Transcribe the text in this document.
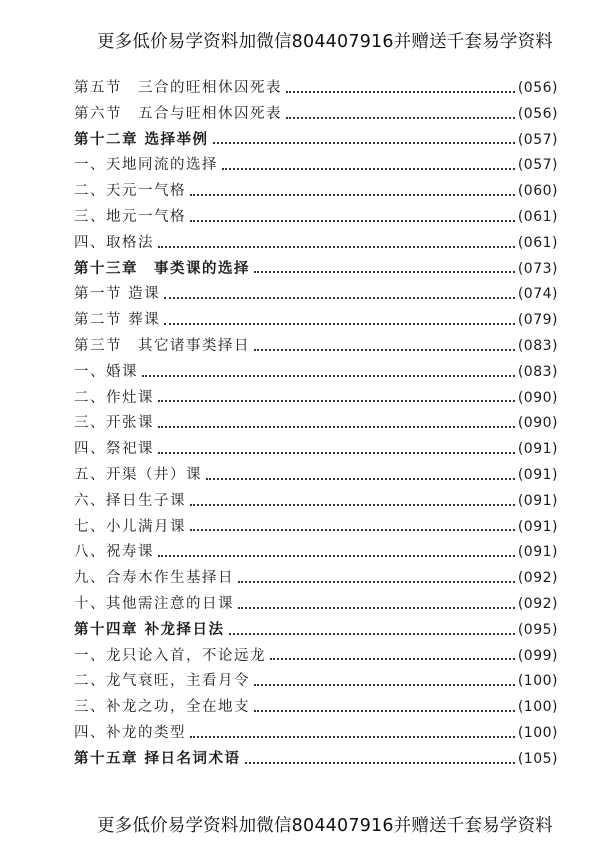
更多低价易学资料加微信804407916并赠送千套易学资料
第五节　三合的旺相休囚死表	(056)
第六节　五合与旺相休囚死表	(056)
第十二章 选择举例	(057)
一、天地同流的选择	(057)
二、天元一气格	(060)
三、地元一气格	(061)
四、取格法	(061)
第十三章　事类课的选择	(073)
第一节 造课	(074)
第二节 葬课	(079)
第三节　其它诸事类择日	(083)
一、婚课	(083)
二、作灶课	(090)
三、开张课	(090)
四、祭祀课	(091)
五、开渠（井）课	(091)
六、择日生子课	(091)
七、小儿满月课	(091)
八、祝寿课	(091)
九、合寿木作生基择日	(092)
十、其他需注意的日课	(092)
第十四章 补龙择日法	(095)
一、龙只论入首，不论远龙	(099)
二、龙气衰旺，主看月令	(100)
三、补龙之功，全在地支	(100)
四、补龙的类型	(100)
第十五章 择日名词术语	(105)
更多低价易学资料加微信804407916并赠送千套易学资料
